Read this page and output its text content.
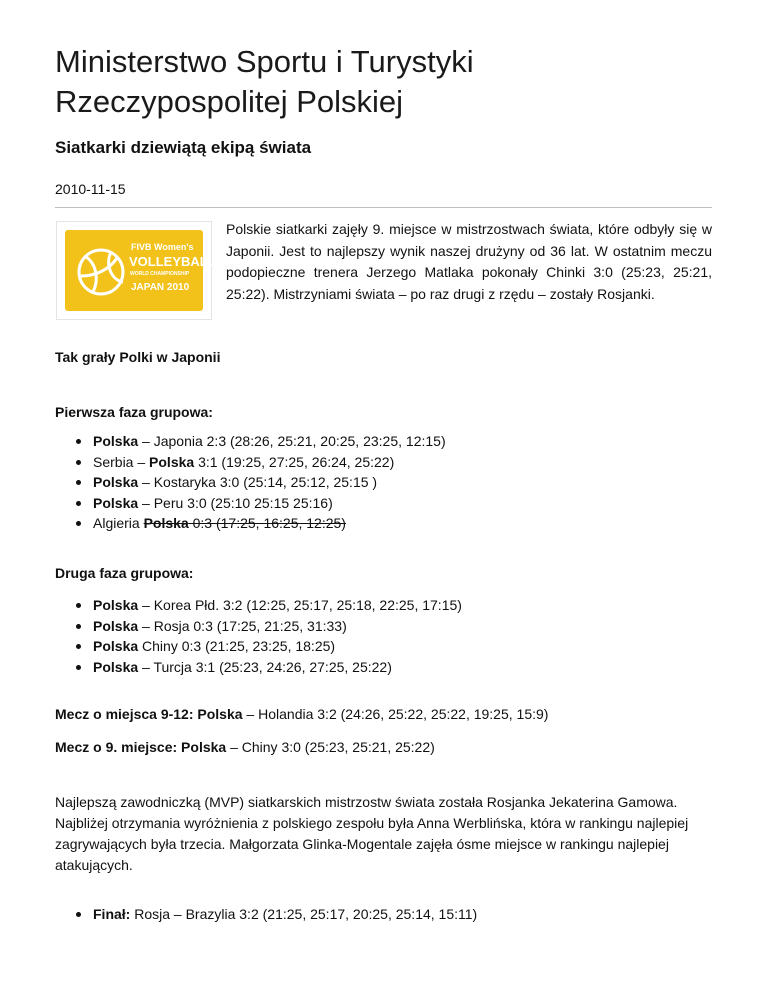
Ministerstwo Sportu i Turystyki
Rzeczypospolitej Polskiej
Siatkarki dziewiątą ekipą świata
2010-11-15
FIVB Women's
VOLLEYBALL
WORLD CHAMPIONSHIP
JAPAN 2010

Polskie siatkarki zajęły 9. miejsce w mistrzostwach świata, które odbyły się w Japonii. Jest to najlepszy wynik naszej drużyny od 36 lat. W ostatnim meczu podopieczne trenera Jerzego Matlaka pokonały Chinki 3:0 (25:23, 25:21, 25:22). Mistrzyniami świata – po raz drugi z rzędu – zostały Rosjanki.

Tak grały Polki w Japonii

Pierwsza faza grupowa:

Polska – Japonia 2:3 (28:26, 25:21, 20:25, 23:25, 12:15)
Serbia – Polska 3:1 (19:25, 27:25, 26:24, 25:22)
Polska – Kostaryka 3:0 (25:14, 25:12, 25:15 )
Polska – Peru 3:0 (25:10 25:15 25:16)
Algieria Polska 0:3 (17:25, 16:25, 12:25)

Druga faza grupowa:

Polska – Korea Płd. 3:2 (12:25, 25:17, 25:18, 22:25, 17:15)
Polska – Rosja 0:3 (17:25, 21:25, 31:33)
Polska Chiny 0:3 (21:25, 23:25, 18:25)
Polska – Turcja 3:1 (25:23, 24:26, 27:25, 25:22)

Mecz o miejsca 9-12: Polska – Holandia 3:2 (24:26, 25:22, 25:22, 19:25, 15:9)

Mecz o 9. miejsce: Polska – Chiny 3:0 (25:23, 25:21, 25:22)

Najlepszą zawodniczką (MVP) siatkarskich mistrzostw świata została Rosjanka Jekaterina Gamowa. Najbliżej otrzymania wyróżnienia z polskiego zespołu była Anna Werblińska, która w rankingu najlepiej zagrywających była trzecia. Małgorzata Glinka-Mogentale zajęła ósme miejsce w rankingu najlepiej atakujących.

Finał: Rosja – Brazylia 3:2 (21:25, 25:17, 20:25, 25:14, 15:11)
